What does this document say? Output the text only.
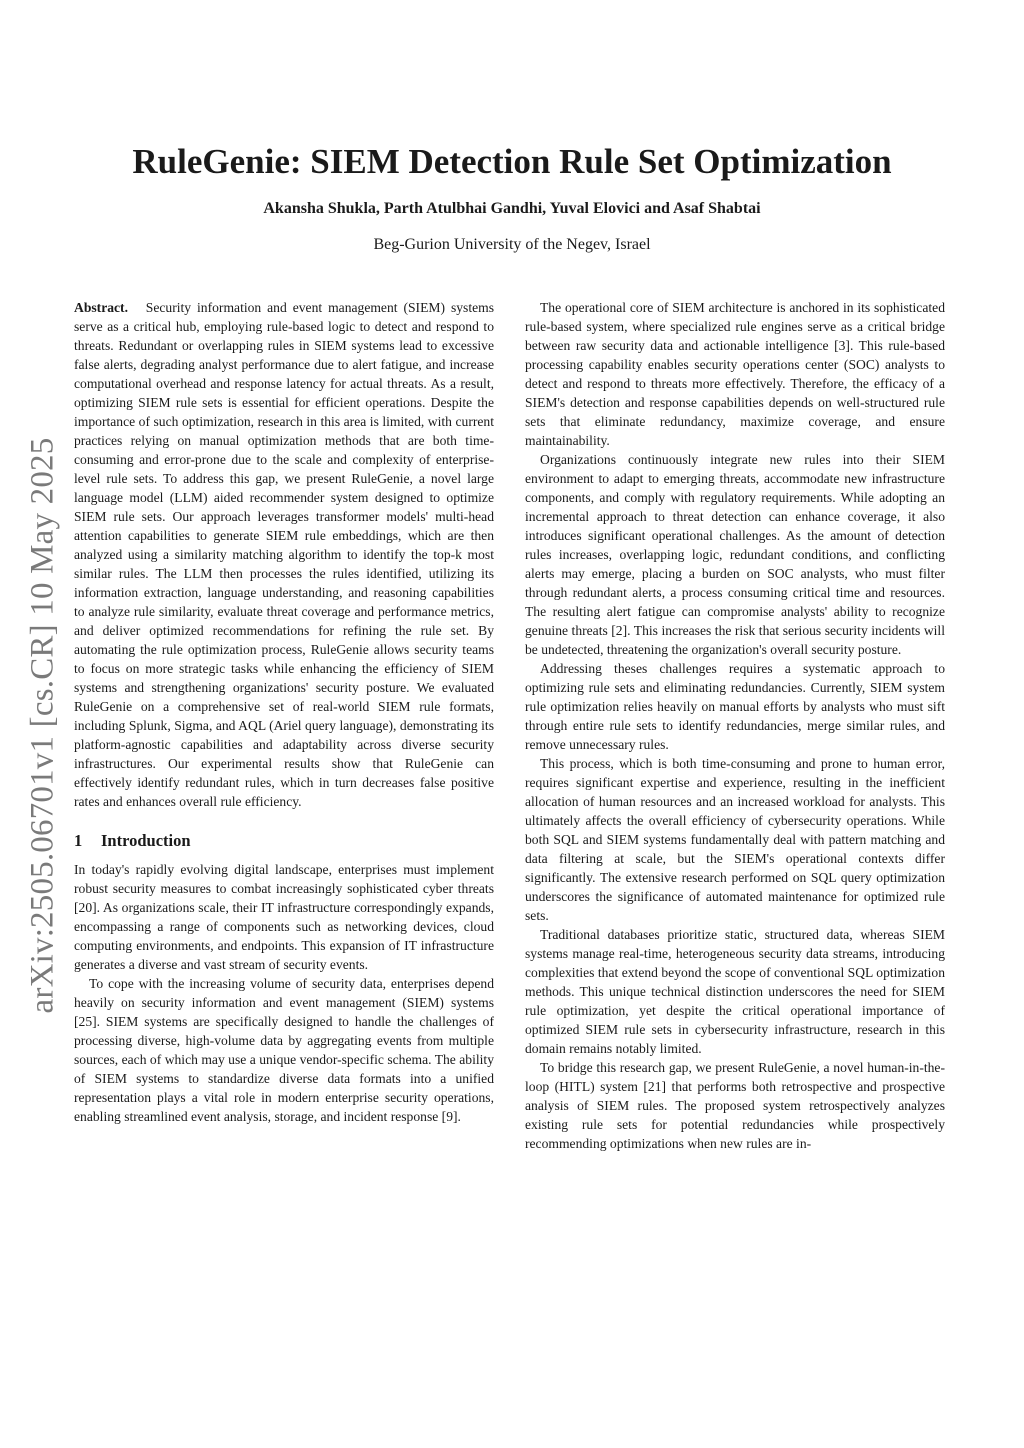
arXiv:2505.06701v1 [cs.CR] 10 May 2025
RuleGenie: SIEM Detection Rule Set Optimization
Akansha Shukla, Parth Atulbhai Gandhi, Yuval Elovici and Asaf Shabtai
Beg-Gurion University of the Negev, Israel

Abstract. Security information and event management (SIEM) systems serve as a critical hub, employing rule-based logic to detect and respond to threats. Redundant or overlapping rules in SIEM systems lead to excessive false alerts, degrading analyst performance due to alert fatigue, and increase computational overhead and response latency for actual threats. As a result, optimizing SIEM rule sets is essential for efficient operations. Despite the importance of such optimization, research in this area is limited, with current practices relying on manual optimization methods that are both time-consuming and error-prone due to the scale and complexity of enterprise-level rule sets. To address this gap, we present RuleGenie, a novel large language model (LLM) aided recommender system designed to optimize SIEM rule sets. Our approach leverages transformer models' multi-head attention capabilities to generate SIEM rule embeddings, which are then analyzed using a similarity matching algorithm to identify the top-k most similar rules. The LLM then processes the rules identified, utilizing its information extraction, language understanding, and reasoning capabilities to analyze rule similarity, evaluate threat coverage and performance metrics, and deliver optimized recommendations for refining the rule set. By automating the rule optimization process, RuleGenie allows security teams to focus on more strategic tasks while enhancing the efficiency of SIEM systems and strengthening organizations' security posture. We evaluated RuleGenie on a comprehensive set of real-world SIEM rule formats, including Splunk, Sigma, and AQL (Ariel query language), demonstrating its platform-agnostic capabilities and adaptability across diverse security infrastructures. Our experimental results show that RuleGenie can effectively identify redundant rules, which in turn decreases false positive rates and enhances overall rule efficiency.

1 Introduction

In today's rapidly evolving digital landscape, enterprises must implement robust security measures to combat increasingly sophisticated cyber threats [20]. As organizations scale, their IT infrastructure correspondingly expands, encompassing a range of components such as networking devices, cloud computing environments, and endpoints. This expansion of IT infrastructure generates a diverse and vast stream of security events.

To cope with the increasing volume of security data, enterprises depend heavily on security information and event management (SIEM) systems [25]. SIEM systems are specifically designed to handle the challenges of processing diverse, high-volume data by aggregating events from multiple sources, each of which may use a unique vendor-specific schema. The ability of SIEM systems to standardize diverse data formats into a unified representation plays a vital role in modern enterprise security operations, enabling streamlined event analysis, storage, and incident response [9].

The operational core of SIEM architecture is anchored in its sophisticated rule-based system, where specialized rule engines serve as a critical bridge between raw security data and actionable intelligence [3]. This rule-based processing capability enables security operations center (SOC) analysts to detect and respond to threats more effectively. Therefore, the efficacy of a SIEM's detection and response capabilities depends on well-structured rule sets that eliminate redundancy, maximize coverage, and ensure maintainability.

Organizations continuously integrate new rules into their SIEM environment to adapt to emerging threats, accommodate new infrastructure components, and comply with regulatory requirements. While adopting an incremental approach to threat detection can enhance coverage, it also introduces significant operational challenges. As the amount of detection rules increases, overlapping logic, redundant conditions, and conflicting alerts may emerge, placing a burden on SOC analysts, who must filter through redundant alerts, a process consuming critical time and resources. The resulting alert fatigue can compromise analysts' ability to recognize genuine threats [2]. This increases the risk that serious security incidents will be undetected, threatening the organization's overall security posture.

Addressing theses challenges requires a systematic approach to optimizing rule sets and eliminating redundancies. Currently, SIEM system rule optimization relies heavily on manual efforts by analysts who must sift through entire rule sets to identify redundancies, merge similar rules, and remove unnecessary rules.

This process, which is both time-consuming and prone to human error, requires significant expertise and experience, resulting in the inefficient allocation of human resources and an increased workload for analysts. This ultimately affects the overall efficiency of cybersecurity operations. While both SQL and SIEM systems fundamentally deal with pattern matching and data filtering at scale, but the SIEM's operational contexts differ significantly. The extensive research performed on SQL query optimization underscores the significance of automated maintenance for optimized rule sets.

Traditional databases prioritize static, structured data, whereas SIEM systems manage real-time, heterogeneous security data streams, introducing complexities that extend beyond the scope of conventional SQL optimization methods. This unique technical distinction underscores the need for SIEM rule optimization, yet despite the critical operational importance of optimized SIEM rule sets in cybersecurity infrastructure, research in this domain remains notably limited.

To bridge this research gap, we present RuleGenie, a novel human-in-the-loop (HITL) system [21] that performs both retrospective and prospective analysis of SIEM rules. The proposed system retrospectively analyzes existing rule sets for potential redundancies while prospectively recommending optimizations when new rules are in-
